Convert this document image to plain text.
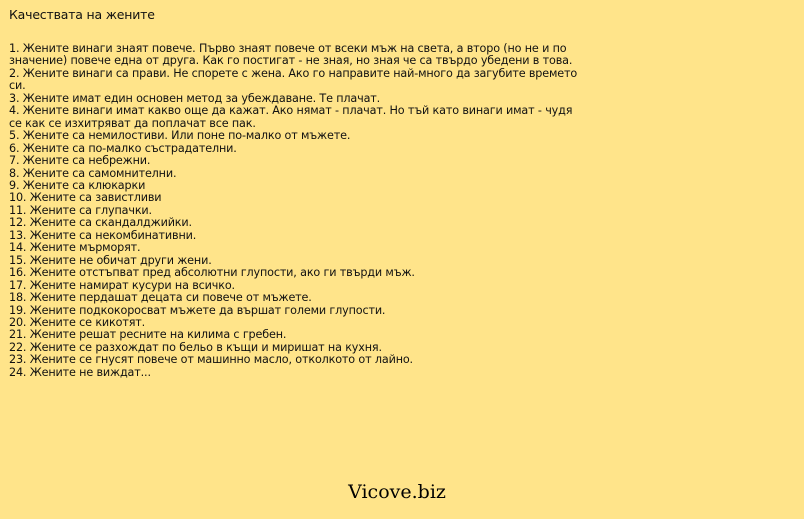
Качествата на жените
1. Жените винаги знаят повече. Първо знаят повече от всеки мъж на света, а второ (но не и по значение) повече една от друга. Как го постигат - не зная, но зная че са твърдо убедени в това.
2. Жените винаги са прави. Не спорете с жена. Ако го направите най-много да загубите времето си.
3. Жените имат един основен метод за убеждаване. Те плачат.
4. Жените винаги имат какво още да кажат. Ако нямат - плачат. Но тъй като винаги имат - чудя се как се изхитряват да поплачат все пак.
5. Жените са немилостиви. Или поне по-малко от мъжете.
6. Жените са по-малко състрадателни.
7. Жените са небрежни.
8. Жените са самомнителни.
9. Жените са клюкарки
10. Жените са завистливи
11. Жените са глупачки.
12. Жените са скандалджийки.
13. Жените са некомбинативни.
14. Жените мърморят.
15. Жените не обичат други жени.
16. Жените отстъпват пред абсолютни глупости, ако ги твърди мъж.
17. Жените намират кусури на всичко.
18. Жените пердашат децата си повече от мъжете.
19. Жените подкокоросват мъжете да вършат големи глупости.
20. Жените се кикотят.
21. Жените решат ресните на килима с гребен.
22. Жените се разхождат по бельо в къщи и миришат на кухня.
23. Жените се гнусят повече от машинно масло, отколкото от лайно.
24. Жените не виждат...
Vicove.biz
